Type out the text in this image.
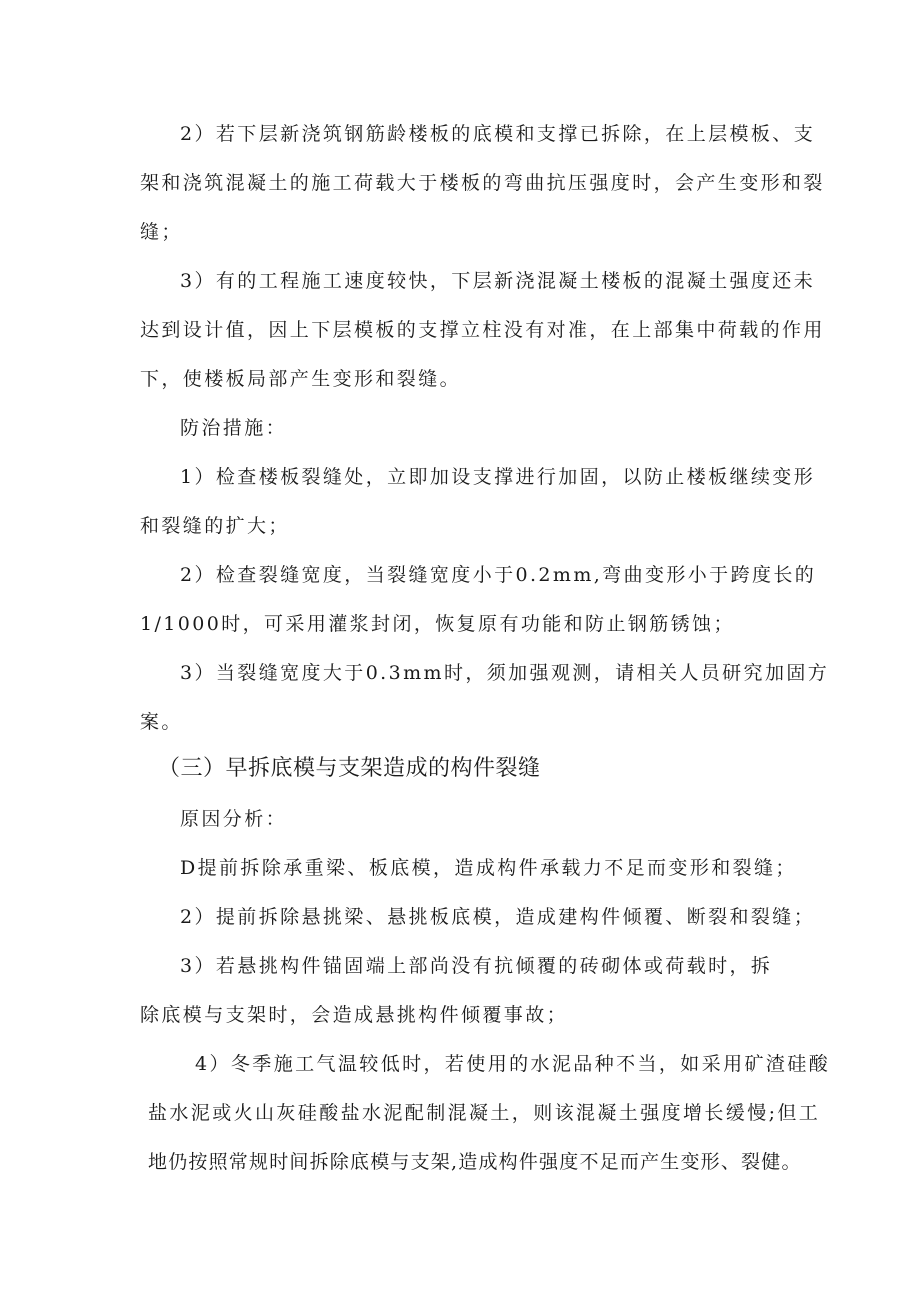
2）若下层新浇筑钢筋龄楼板的底模和支撑已拆除，在上层模板、支
架和浇筑混凝土的施工荷载大于楼板的弯曲抗压强度时，会产生变形和裂
缝；
3）有的工程施工速度较快，下层新浇混凝土楼板的混凝土强度还未
达到设计值，因上下层模板的支撑立柱没有对准，在上部集中荷载的作用
下，使楼板局部产生变形和裂缝。
防治措施：
1）检查楼板裂缝处，立即加设支撑进行加固，以防止楼板继续变形
和裂缝的扩大；
2）检查裂缝宽度，当裂缝宽度小于0.2mm,弯曲变形小于跨度长的
1/1000时，可采用灌浆封闭，恢复原有功能和防止钢筋锈蚀；
3）当裂缝宽度大于0.3mm时，须加强观测，请相关人员研究加固方
案。
（三）早拆底模与支架造成的构件裂缝
原因分析：
D提前拆除承重梁、板底模，造成构件承载力不足而变形和裂缝；
2）提前拆除悬挑梁、悬挑板底模，造成建构件倾覆、断裂和裂缝；
3）若悬挑构件锚固端上部尚没有抗倾覆的砖砌体或荷载时，拆
除底模与支架时，会造成悬挑构件倾覆事故；
4）冬季施工气温较低时，若使用的水泥品种不当，如采用矿渣硅酸
盐水泥或火山灰硅酸盐水泥配制混凝土，则该混凝土强度增长缓慢;但工
地仍按照常规时间拆除底模与支架,造成构件强度不足而产生变形、裂健。
